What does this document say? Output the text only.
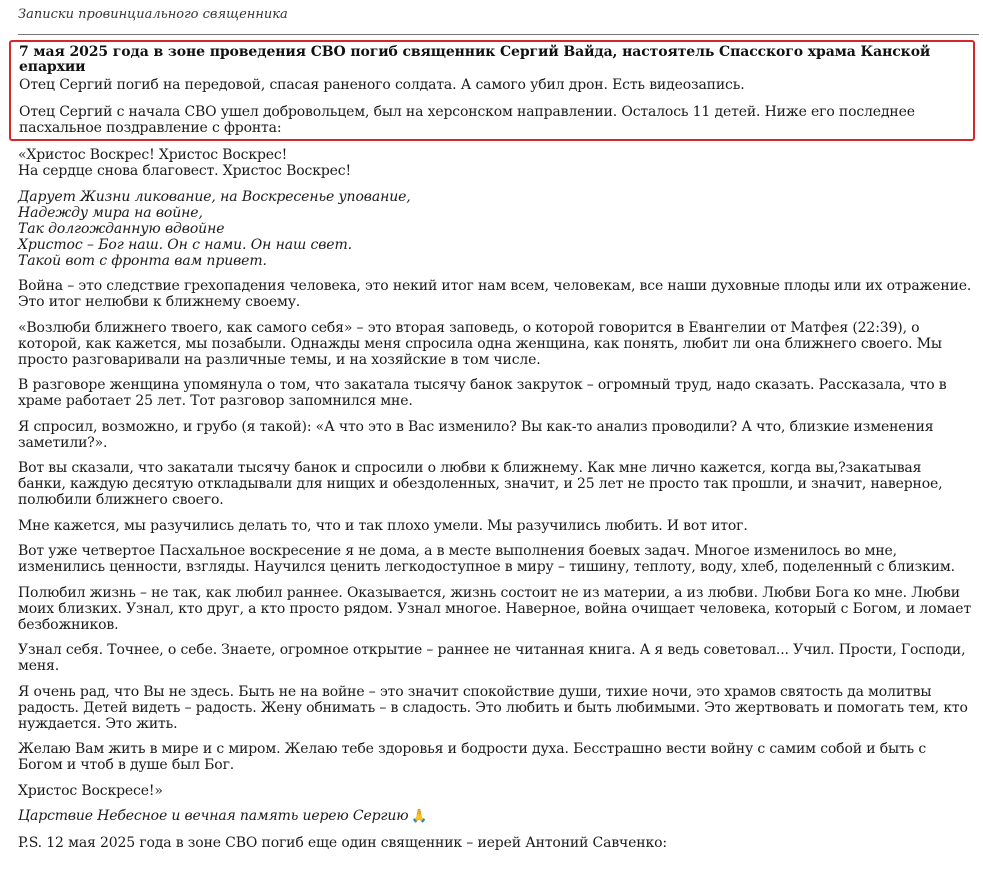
Записки провинциального священника
7 мая 2025 года в зоне проведения СВО погиб священник Сергий Вайда, настоятель Спасского храма Канской епархии

Отец Сергий погиб на передовой, спасая раненого солдата. А самого убил дрон. Есть видеозапись.

Отец Сергий с начала СВО ушел добровольцем, был на херсонском направлении. Осталось 11 детей. Ниже его последнее пасхальное поздравление с фронта:

«Христос Воскрес! Христос Воскрес!
На сердце снова благовест. Христос Воскрес!

Дарует Жизни ликование, на Воскресенье упование,
Надежду мира на войне,
Так долгожданную вдвойне
Христос – Бог наш. Он с нами. Он наш свет.
Такой вот с фронта вам привет.

Война – это следствие грехопадения человека, это некий итог нам всем, человекам, все наши духовные плоды или их отражение. Это итог нелюбви к ближнему своему.

«Возлюби ближнего твоего, как самого себя» – это вторая заповедь, о которой говорится в Евангелии от Матфея (22:39), о которой, как кажется, мы позабыли. Однажды меня спросила одна женщина, как понять, любит ли она ближнего своего. Мы просто разговаривали на различные темы, и на хозяйские в том числе.

В разговоре женщина упомянула о том, что закатала тысячу банок закруток – огромный труд, надо сказать. Рассказала, что в храме работает 25 лет. Тот разговор запомнился мне.

Я спросил, возможно, и грубо (я такой): «А что это в Вас изменило? Вы как-то анализ проводили? А что, близкие изменения заметили?».

Вот вы сказали, что закатали тысячу банок и спросили о любви к ближнему. Как мне лично кажется, когда вы,?закатывая банки, каждую десятую откладывали для нищих и обездоленных, значит, и 25 лет не просто так прошли, и значит, наверное, полюбили ближнего своего.

Мне кажется, мы разучились делать то, что и так плохо умели. Мы разучились любить. И вот итог.

Вот уже четвертое Пасхальное воскресение я не дома, а в месте выполнения боевых задач. Многое изменилось во мне, изменились ценности, взгляды. Научился ценить легкодоступное в миру – тишину, теплоту, воду, хлеб, поделенный с близким.

Полюбил жизнь – не так, как любил раннее. Оказывается, жизнь состоит не из материи, а из любви. Любви Бога ко мне. Любви моих близких. Узнал, кто друг, а кто просто рядом. Узнал многое. Наверное, война очищает человека, который с Богом, и ломает безбожников.

Узнал себя. Точнее, о себе. Знаете, огромное открытие – раннее не читанная книга. А я ведь советовал... Учил. Прости, Господи, меня.

Я очень рад, что Вы не здесь. Быть не на войне – это значит спокойствие души, тихие ночи, это храмов святость да молитвы радость. Детей видеть – радость. Жену обнимать – в сладость. Это любить и быть любимыми. Это жертвовать и помогать тем, кто нуждается. Это жить.

Желаю Вам жить в мире и с миром. Желаю тебе здоровья и бодрости духа. Бесстрашно вести войну с самим собой и быть с Богом и чтоб в душе был Бог.

Христос Воскресе!»

Царствие Небесное и вечная память иерею Сергию 🙏

P.S. 12 мая 2025 года в зоне СВО погиб еще один священник – иерей Антоний Савченко:
